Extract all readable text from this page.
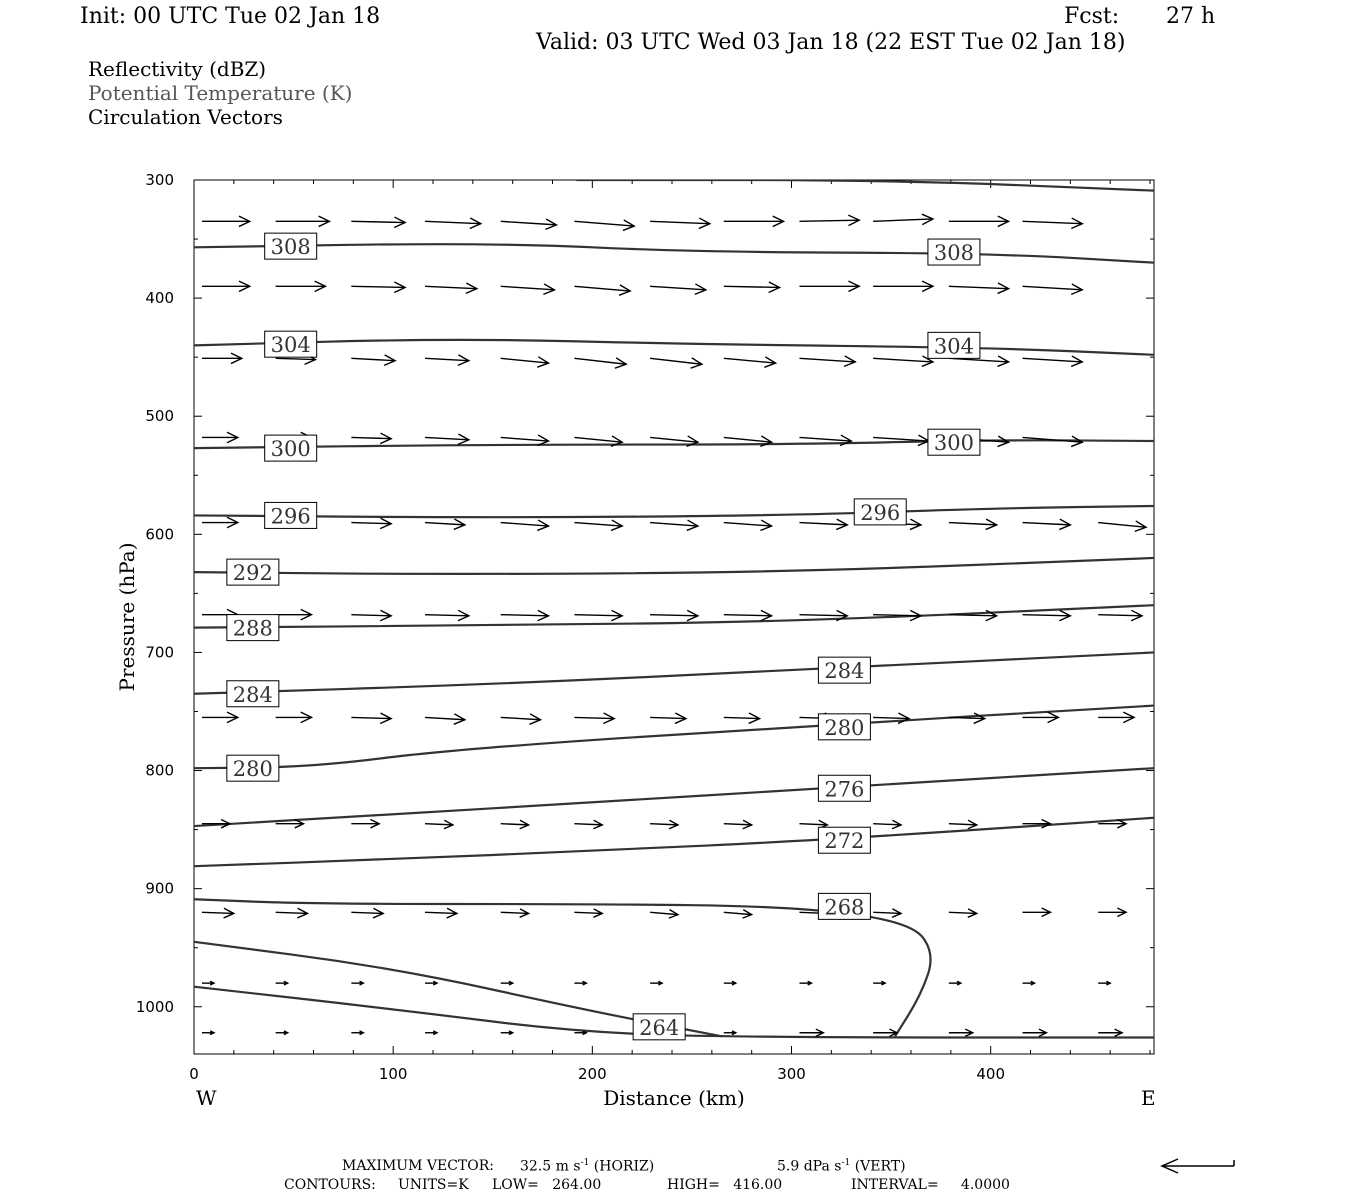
Init: 00 UTC Tue 02 Jan 18	Fcst: 27 h
Valid: 03 UTC Wed 03 Jan 18 (22 EST Tue 02 Jan 18)
Reflectivity (dBZ)
Potential Temperature (K)
Circulation Vectors
300
400
500
600
700
800
900
1000
0	100	200	300	400
308	308
304	304
300	300
296	296
292
288
284
284
280
280
276
272
268
264
Pressure (hPa)
Distance (km)
W	E
MAXIMUM VECTOR: 32.5 m $s^{-1}$ (HORIZ)	5.9 dPa $s^{-1}$ (VERT)
CONTOURS: UNITS=K LOW=   264.00	HIGH=   416.00	INTERVAL=     4.0000
